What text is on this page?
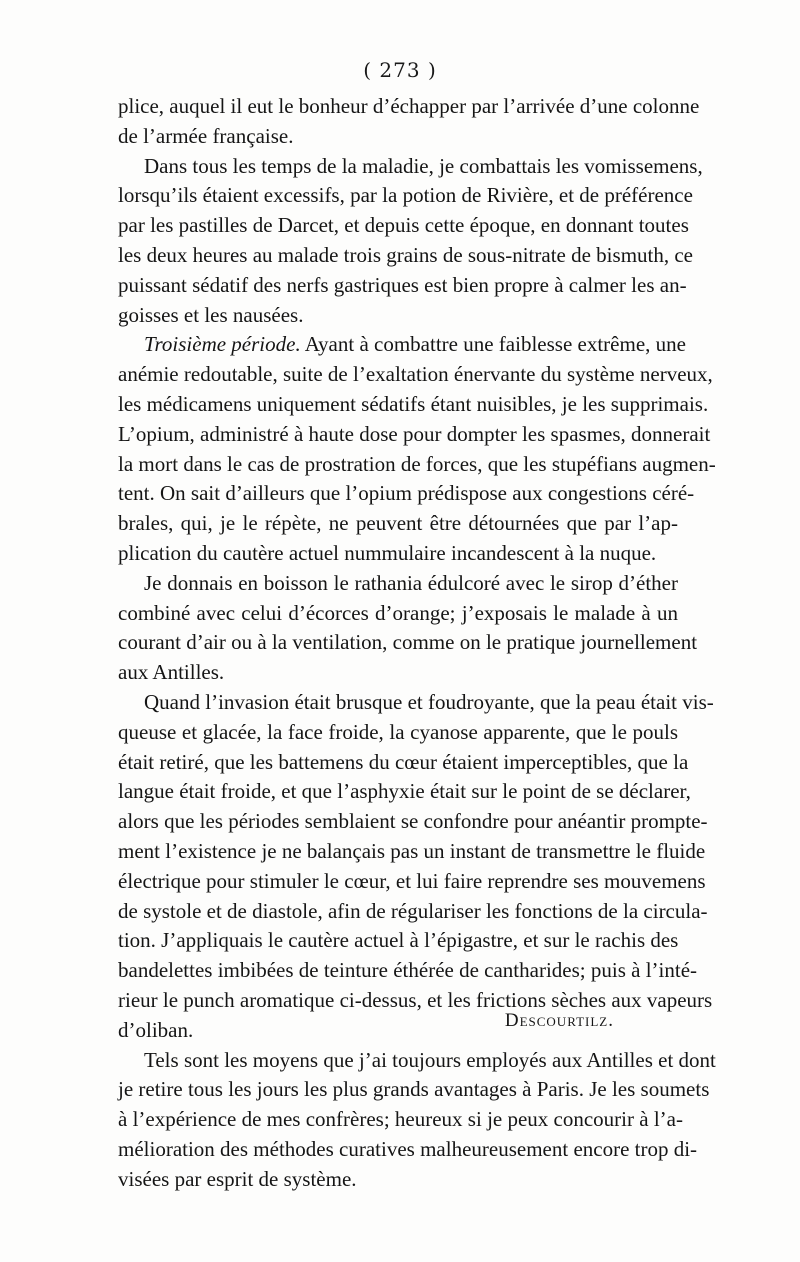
( 273 )
plice, auquel il eut le bonheur d’échapper par l’arrivée d’une colonne
de l’armée française.
Dans tous les temps de la maladie, je combattais les vomissemens,
lorsqu’ils étaient excessifs, par la potion de Rivière, et de préférence
par les pastilles de Darcet, et depuis cette époque, en donnant toutes
les deux heures au malade trois grains de sous-nitrate de bismuth, ce
puissant sédatif des nerfs gastriques est bien propre à calmer les an-
goisses et les nausées.
Troisième période. Ayant à combattre une faiblesse extrême, une
anémie redoutable, suite de l’exaltation énervante du système nerveux,
les médicamens uniquement sédatifs étant nuisibles, je les supprimais.
L’opium, administré à haute dose pour dompter les spasmes, donnerait
la mort dans le cas de prostration de forces, que les stupéfians augmen-
tent. On sait d’ailleurs que l’opium prédispose aux congestions céré-
brales, qui, je le répète, ne peuvent être détournées que par l’ap-
plication du cautère actuel nummulaire incandescent à la nuque.
Je donnais en boisson le rathania édulcoré avec le sirop d’éther
combiné avec celui d’écorces d’orange; j’exposais le malade à un
courant d’air ou à la ventilation, comme on le pratique journellement
aux Antilles.
Quand l’invasion était brusque et foudroyante, que la peau était vis-
queuse et glacée, la face froide, la cyanose apparente, que le pouls
était retiré, que les battemens du cœur étaient imperceptibles, que la
langue était froide, et que l’asphyxie était sur le point de se déclarer,
alors que les périodes semblaient se confondre pour anéantir prompte-
ment l’existence je ne balançais pas un instant de transmettre le fluide
électrique pour stimuler le cœur, et lui faire reprendre ses mouvemens
de systole et de diastole, afin de régulariser les fonctions de la circula-
tion. J’appliquais le cautère actuel à l’épigastre, et sur le rachis des
bandelettes imbibées de teinture éthérée de cantharides; puis à l’inté-
rieur le punch aromatique ci-dessus, et les frictions sèches aux vapeurs
d’oliban.
Tels sont les moyens que j’ai toujours employés aux Antilles et dont
je retire tous les jours les plus grands avantages à Paris. Je les soumets
à l’expérience de mes confrères; heureux si je peux concourir à l’a-
mélioration des méthodes curatives malheureusement encore trop di-
visées par esprit de système.
Descourtilz.
